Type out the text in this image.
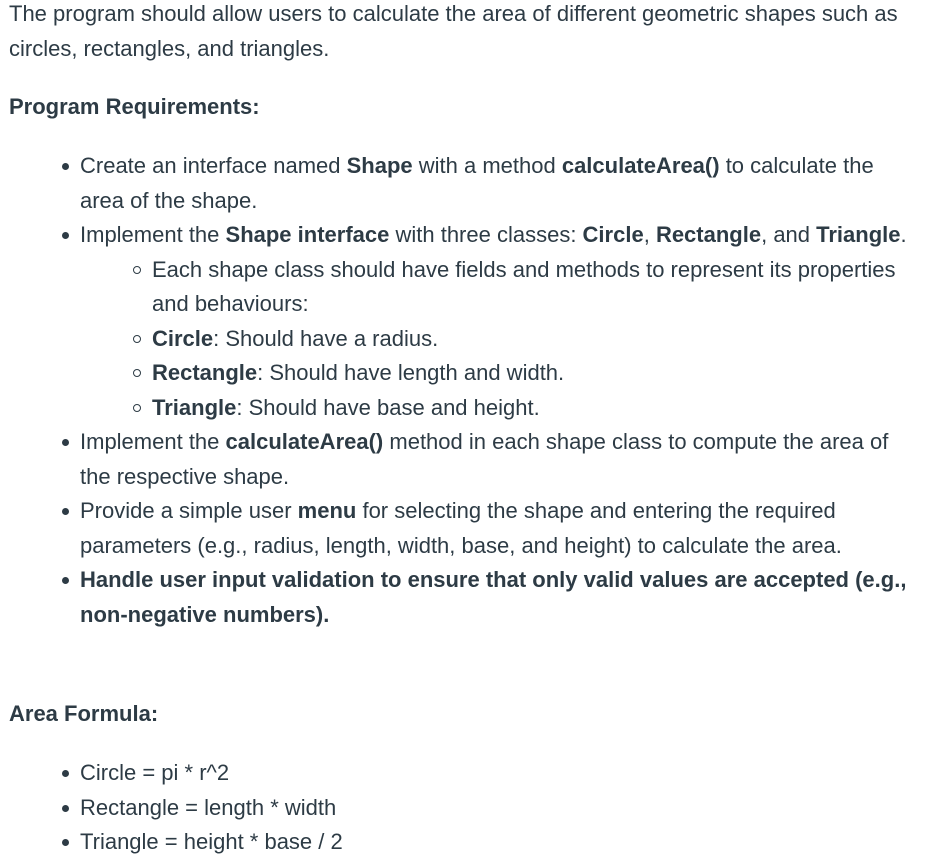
The program should allow users to calculate the area of different geometric shapes such as circles, rectangles, and triangles.

Program Requirements:

Create an interface named Shape with a method calculateArea() to calculate the area of the shape.
Implement the Shape interface with three classes: Circle, Rectangle, and Triangle.
Each shape class should have fields and methods to represent its properties and behaviours:
Circle: Should have a radius.
Rectangle: Should have length and width.
Triangle: Should have base and height.
Implement the calculateArea() method in each shape class to compute the area of the respective shape.
Provide a simple user menu for selecting the shape and entering the required parameters (e.g., radius, length, width, base, and height) to calculate the area.
Handle user input validation to ensure that only valid values are accepted (e.g., non-negative numbers).

Area Formula:

Circle = pi * r^2
Rectangle = length * width
Triangle = height * base / 2
